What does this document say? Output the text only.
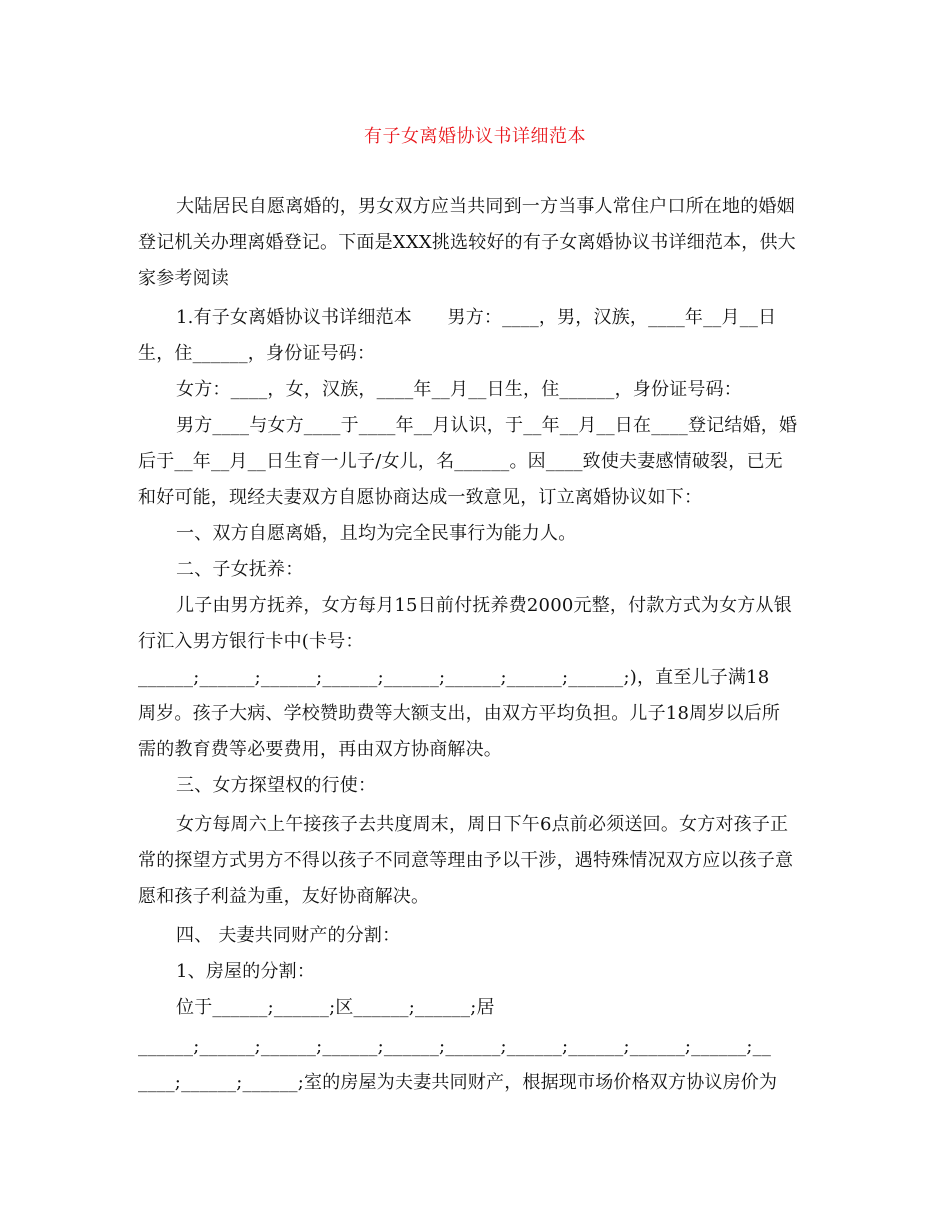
有子女离婚协议书详细范本
大陆居民自愿离婚的，男女双方应当共同到一方当事人常住户口所在地的婚姻
登记机关办理离婚登记。下面是XXX挑选较好的有子女离婚协议书详细范本，供大
家参考阅读
1.有子女离婚协议书详细范本      男方：____，男，汉族，____年__月__日
生，住______，身份证号码：
女方：____，女，汉族，____年__月__日生，住______，身份证号码：
男方____与女方____于____年__月认识，于__年__月__日在____登记结婚，婚
后于__年__月__日生育一儿子/女儿，名______。因____致使夫妻感情破裂，已无
和好可能，现经夫妻双方自愿协商达成一致意见，订立离婚协议如下：
一、双方自愿离婚，且均为完全民事行为能力人。
二、子女抚养：
儿子由男方抚养，女方每月15日前付抚养费2000元整，付款方式为女方从银
行汇入男方银行卡中(卡号：
______;______;______;______;______;______;______;______;)，直至儿子满18
周岁。孩子大病、学校赞助费等大额支出，由双方平均负担。儿子18周岁以后所
需的教育费等必要费用，再由双方协商解决。
三、女方探望权的行使：
女方每周六上午接孩子去共度周末，周日下午6点前必须送回。女方对孩子正
常的探望方式男方不得以孩子不同意等理由予以干涉，遇特殊情况双方应以孩子意
愿和孩子利益为重，友好协商解决。
四、 夫妻共同财产的分割：
1、房屋的分割：
位于______;______;区______;______;居
______;______;______;______;______;______;______;______;______;______;__
____;______;______;室的房屋为夫妻共同财产，根据现市场价格双方协议房价为
